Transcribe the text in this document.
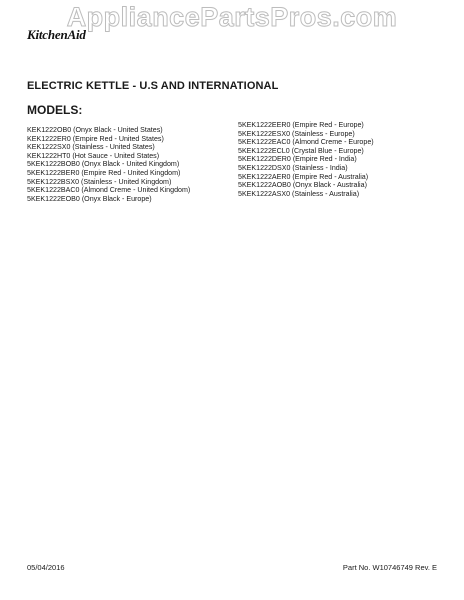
AppliancePartsPros.com
KitchenAid
ELECTRIC KETTLE - U.S AND INTERNATIONAL
MODELS:
KEK1222OB0 (Onyx Black - United States)
KEK1222ER0 (Empire Red - United States)
KEK1222SX0 (Stainless - United States)
KEK1222HT0 (Hot Sauce - United States)
5KEK1222BOB0 (Onyx Black - United Kingdom)
5KEK1222BER0 (Empire Red - United Kingdom)
5KEK1222BSX0 (Stainless - United Kingdom)
5KEK1222BAC0 (Almond Creme - United Kingdom)
5KEK1222EOB0 (Onyx Black - Europe)
5KEK1222EER0 (Empire Red - Europe)
5KEK1222ESX0 (Stainless - Europe)
5KEK1222EAC0 (Almond Creme - Europe)
5KEK1222ECL0 (Crystal Blue - Europe)
5KEK1222DER0 (Empire Red - India)
5KEK1222DSX0 (Stainless - India)
5KEK1222AER0 (Empire Red - Australia)
5KEK1222AOB0 (Onyx Black - Australia)
5KEK1222ASX0 (Stainless - Australia)
05/04/2016	Part No. W10746749 Rev. E
